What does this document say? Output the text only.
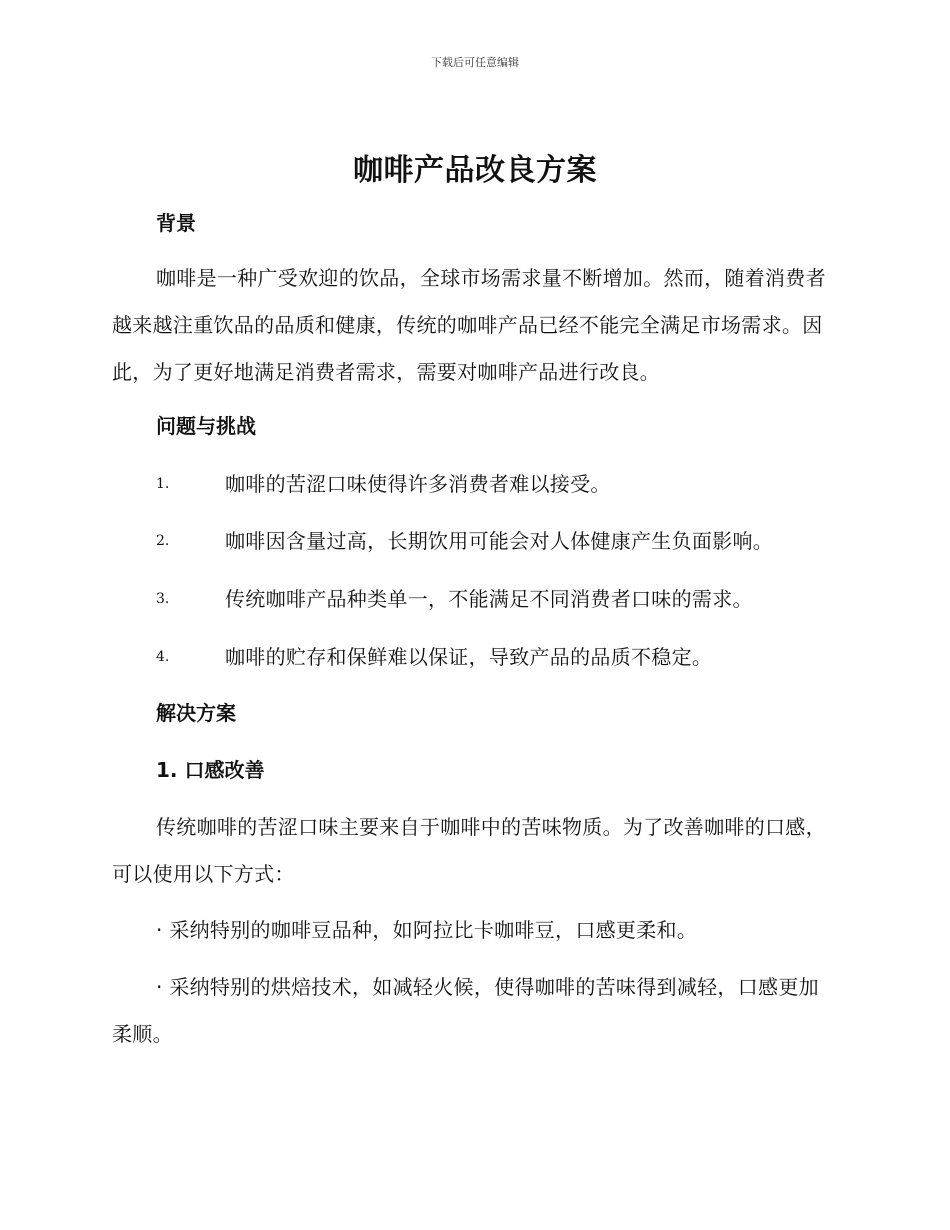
下载后可任意编辑
咖啡产品改良方案
背景
咖啡是一种广受欢迎的饮品，全球市场需求量不断增加。然而，随着消费者越来越注重饮品的品质和健康，传统的咖啡产品已经不能完全满足市场需求。因此，为了更好地满足消费者需求，需要对咖啡产品进行改良。
问题与挑战
1.	咖啡的苦涩口味使得许多消费者难以接受。
2.	咖啡因含量过高，长期饮用可能会对人体健康产生负面影响。
3.	传统咖啡产品种类单一，不能满足不同消费者口味的需求。
4.	咖啡的贮存和保鲜难以保证，导致产品的品质不稳定。
解决方案
1. 口感改善
传统咖啡的苦涩口味主要来自于咖啡中的苦味物质。为了改善咖啡的口感，可以使用以下方式：
· 采纳特别的咖啡豆品种，如阿拉比卡咖啡豆，口感更柔和。
· 采纳特别的烘焙技术，如减轻火候，使得咖啡的苦味得到减轻，口感更加柔顺。
